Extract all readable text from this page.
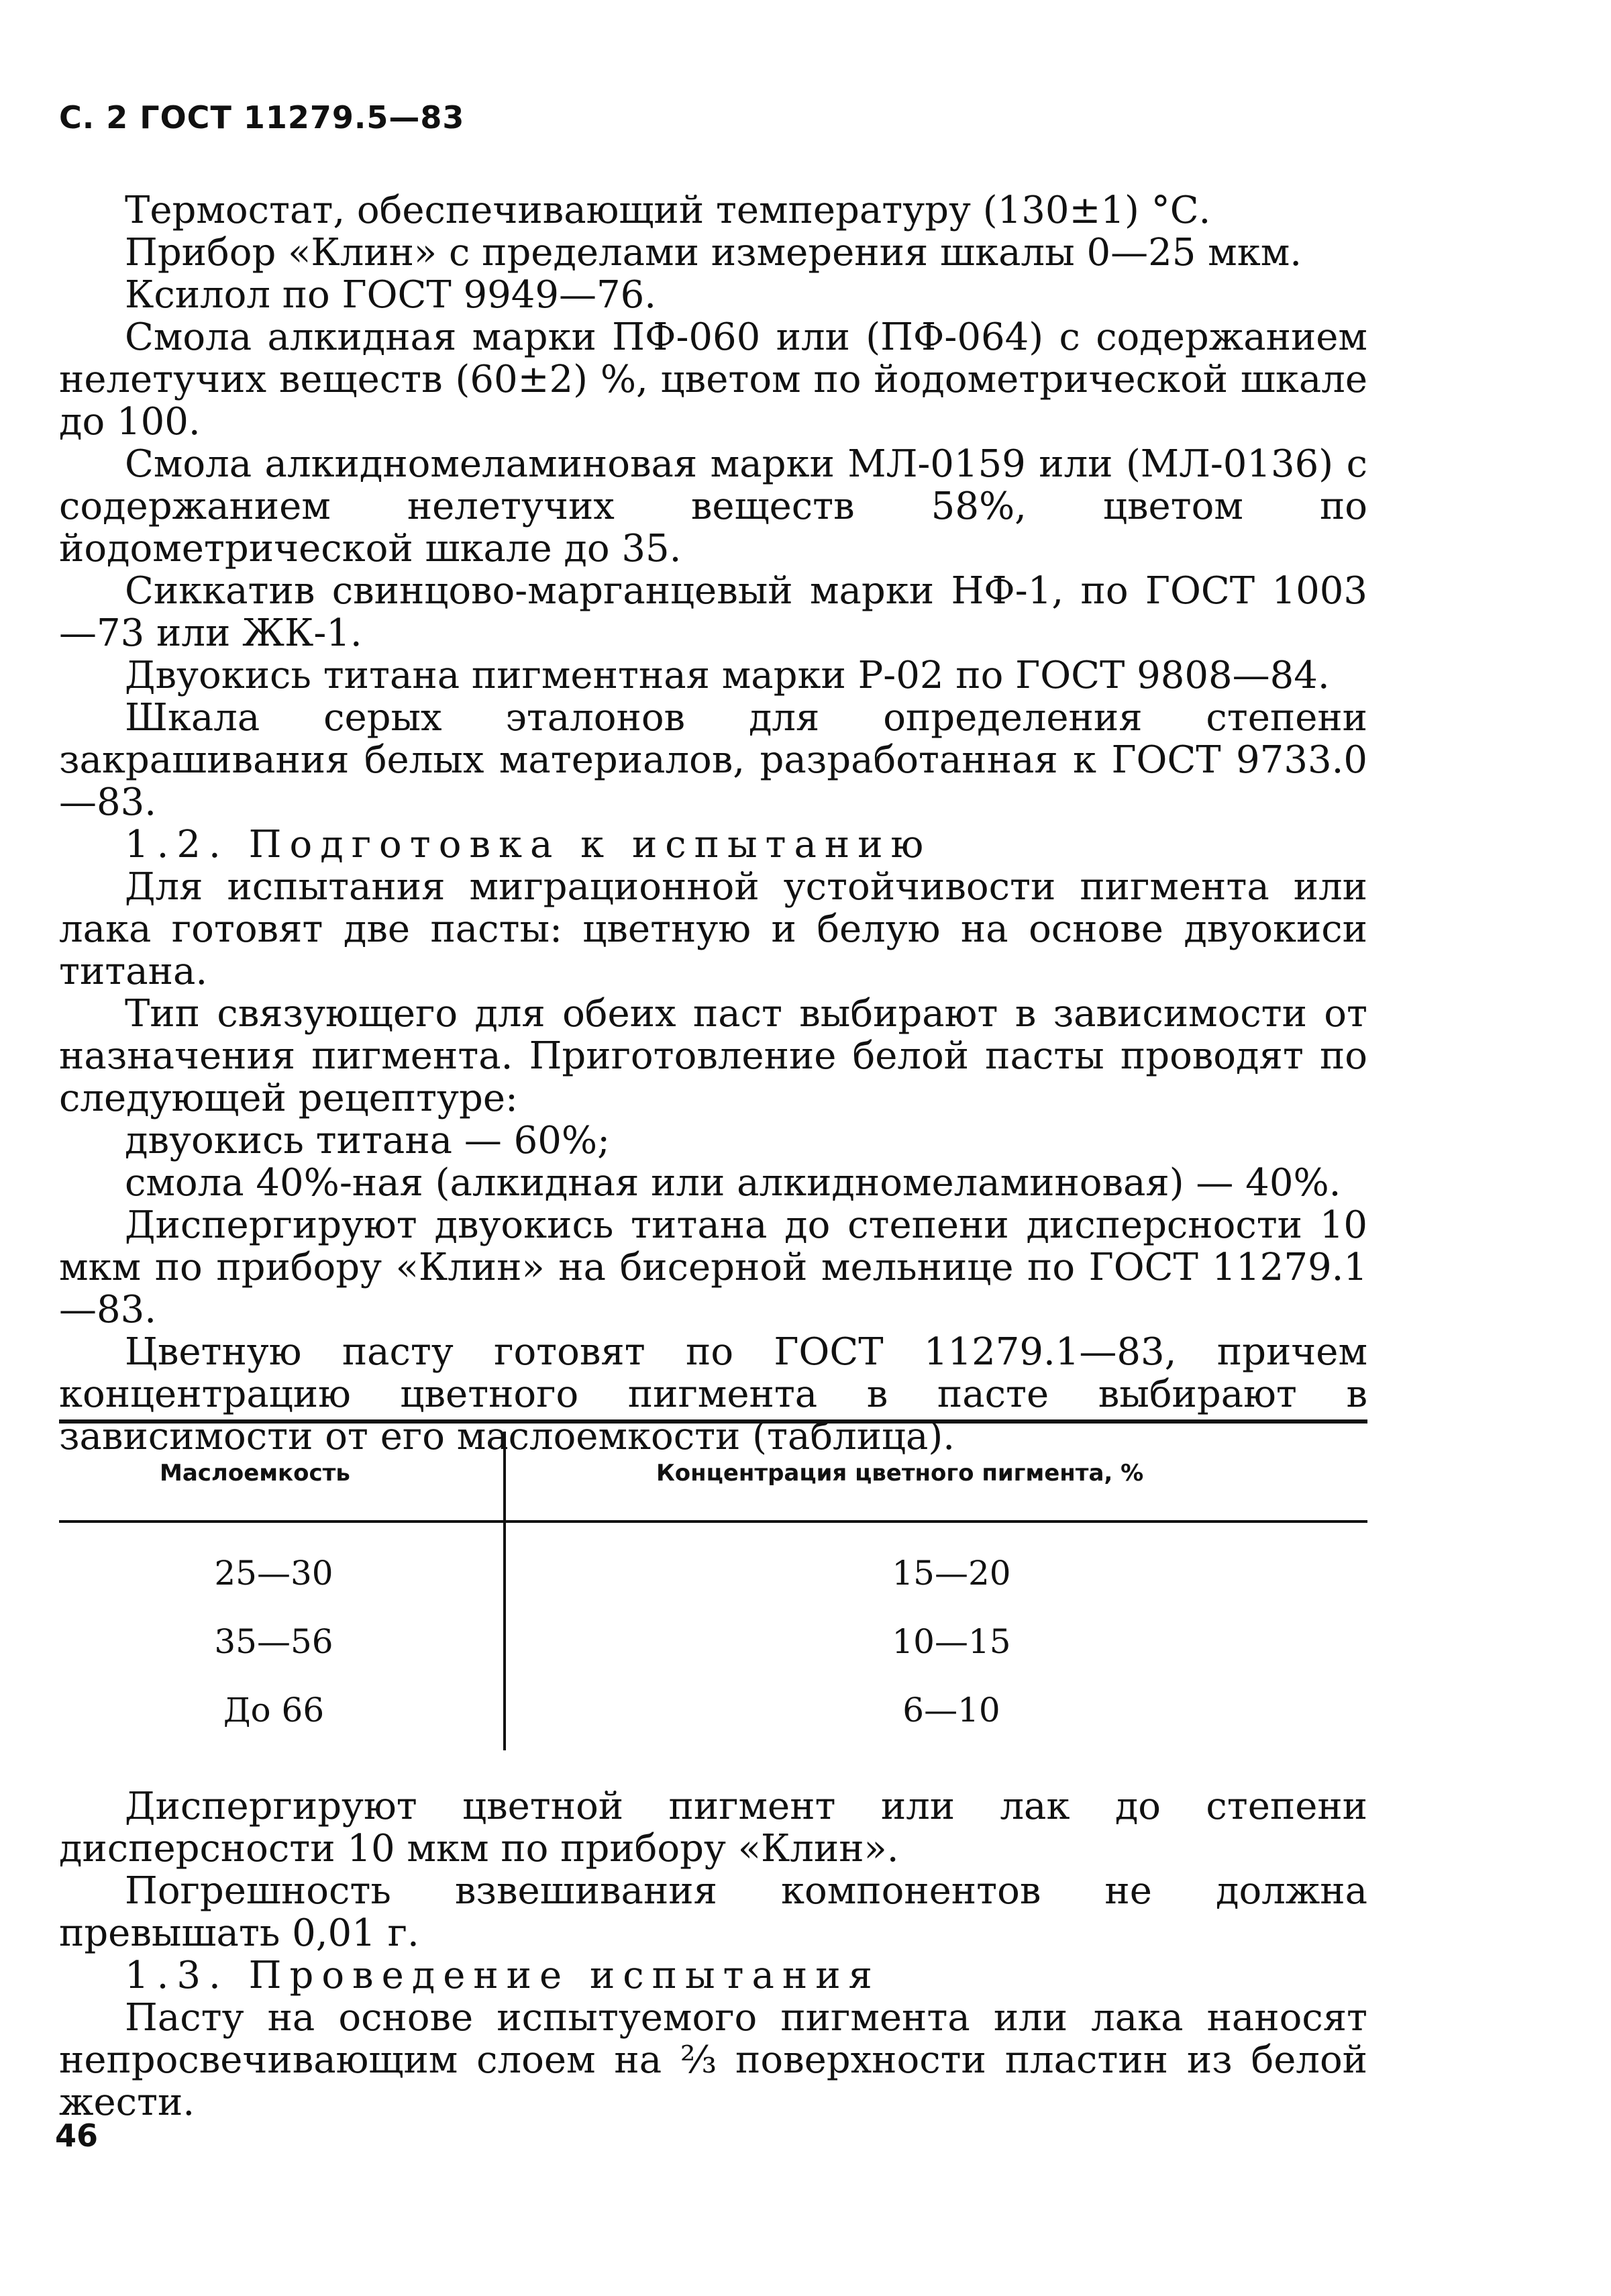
С. 2 ГОСТ 11279.5—83

Термостат, обеспечивающий температуру (130±1) °С.

Прибор «Клин» с пределами измерения шкалы 0—25 мкм.

Ксилол по ГОСТ 9949—76.

Смола алкидная марки ПФ-060 или (ПФ-064) с содержанием нелетучих веществ (60±2) %, цветом по йодометрической шкале до 100.

Смола алкидномеламиновая марки МЛ-0159 или (МЛ-0136) с содержанием нелетучих веществ 58%, цветом по йодометрической шкале до 35.

Сиккатив свинцово-марганцевый марки НФ-1, по ГОСТ 1003—73 или ЖК-1.

Двуокись титана пигментная марки Р-02 по ГОСТ 9808—84.

Шкала серых эталонов для определения степени закрашивания белых материалов, разработанная к ГОСТ 9733.0—83.

1.2. Подготовка к испытанию

Для испытания миграционной устойчивости пигмента или лака готовят две пасты: цветную и белую на основе двуокиси титана.

Тип связующего для обеих паст выбирают в зависимости от назначения пигмента. Приготовление белой пасты проводят по следующей рецептуре:

двуокись титана — 60%;

смола 40%-ная (алкидная или алкидномеламиновая) — 40%.

Диспергируют двуокись титана до степени дисперсности 10 мкм по прибору «Клин» на бисерной мельнице по ГОСТ 11279.1—83.

Цветную пасту готовят по ГОСТ 11279.1—83, причем концентрацию цветного пигмента в пасте выбирают в зависимости от его маслоемкости (таблица).

Маслоемкость	Концентрация цветного пигмента, %
25—30	15—20
35—56	10—15
До 66	6—10

Диспергируют цветной пигмент или лак до степени дисперсности 10 мкм по прибору «Клин».

Погрешность взвешивания компонентов не должна превышать 0,01 г.

1.3. Проведение испытания

Пасту на основе испытуемого пигмента или лака наносят непросвечивающим слоем на ⅔ поверхности пластин из белой жести.

46
